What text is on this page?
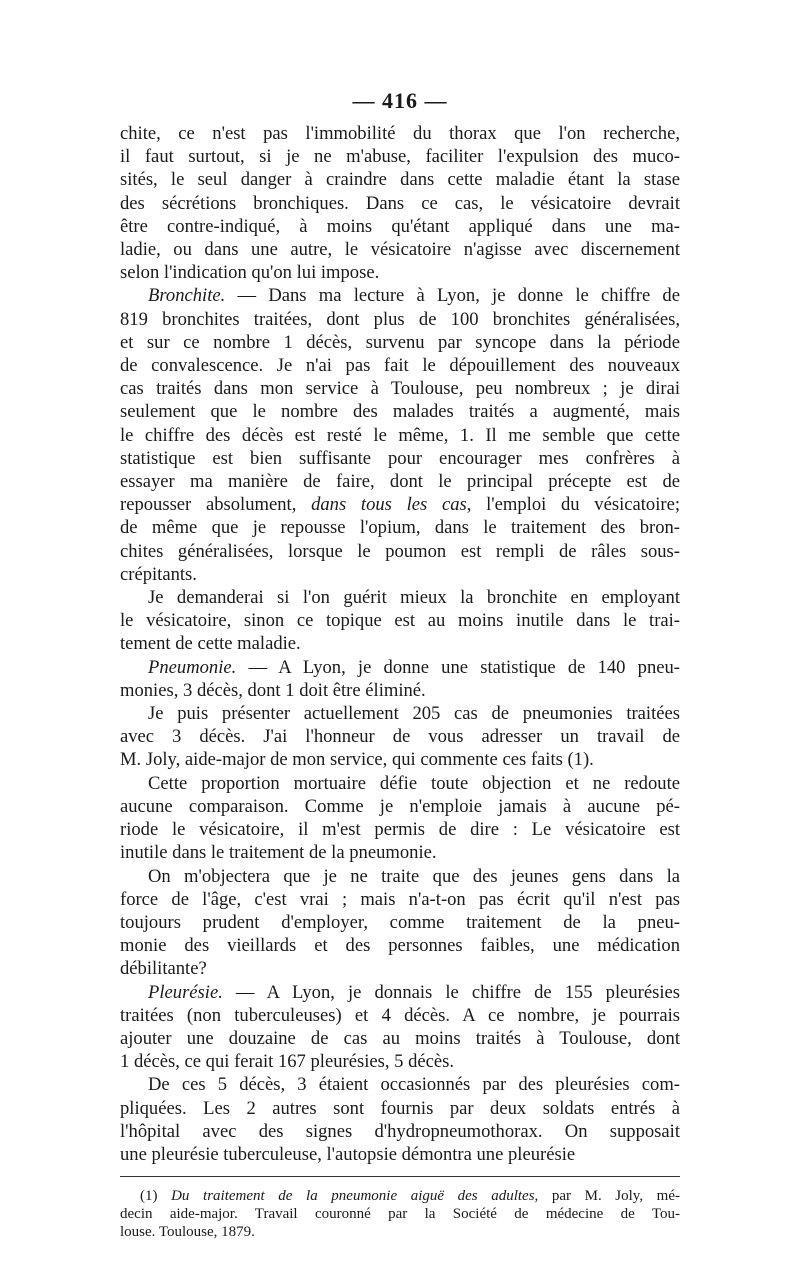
— 416 —

chite, ce n'est pas l'immobilité du thorax que l'on recherche,

il faut surtout, si je ne m'abuse, faciliter l'expulsion des muco-

sités, le seul danger à craindre dans cette maladie étant la stase

des sécrétions bronchiques. Dans ce cas, le vésicatoire devrait

être contre-indiqué, à moins qu'étant appliqué dans une ma-

ladie, ou dans une autre, le vésicatoire n'agisse avec discernement

selon l'indication qu'on lui impose.

Bronchite. — Dans ma lecture à Lyon, je donne le chiffre de

819 bronchites traitées, dont plus de 100 bronchites généralisées,

et sur ce nombre 1 décès, survenu par syncope dans la période

de convalescence. Je n'ai pas fait le dépouillement des nouveaux

cas traités dans mon service à Toulouse, peu nombreux ; je dirai

seulement que le nombre des malades traités a augmenté, mais

le chiffre des décès est resté le même, 1. Il me semble que cette

statistique est bien suffisante pour encourager mes confrères à

essayer ma manière de faire, dont le principal précepte est de

repousser absolument, dans tous les cas, l'emploi du vésicatoire;

de même que je repousse l'opium, dans le traitement des bron-

chites généralisées, lorsque le poumon est rempli de râles sous-

crépitants.

Je demanderai si l'on guérit mieux la bronchite en employant

le vésicatoire, sinon ce topique est au moins inutile dans le trai-

tement de cette maladie.

Pneumonie. — A Lyon, je donne une statistique de 140 pneu-

monies, 3 décès, dont 1 doit être éliminé.

Je puis présenter actuellement 205 cas de pneumonies traitées

avec 3 décès. J'ai l'honneur de vous adresser un travail de

M. Joly, aide-major de mon service, qui commente ces faits (1).

Cette proportion mortuaire défie toute objection et ne redoute

aucune comparaison. Comme je n'emploie jamais à aucune pé-

riode le vésicatoire, il m'est permis de dire : Le vésicatoire est

inutile dans le traitement de la pneumonie.

On m'objectera que je ne traite que des jeunes gens dans la

force de l'âge, c'est vrai ; mais n'a-t-on pas écrit qu'il n'est pas

toujours prudent d'employer, comme traitement de la pneu-

monie des vieillards et des personnes faibles, une médication

débilitante?

Pleurésie. — A Lyon, je donnais le chiffre de 155 pleurésies

traitées (non tuberculeuses) et 4 décès. A ce nombre, je pourrais

ajouter une douzaine de cas au moins traités à Toulouse, dont

1 décès, ce qui ferait 167 pleurésies, 5 décès.

De ces 5 décès, 3 étaient occasionnés par des pleurésies com-

pliquées. Les 2 autres sont fournis par deux soldats entrés à

l'hôpital avec des signes d'hydropneumothorax. On supposait

une pleurésie tuberculeuse, l'autopsie démontra une pleurésie

(1) Du traitement de la pneumonie aiguë des adultes, par M. Joly, mé-
decin aide-major. Travail couronné par la Société de médecine de Tou-
louse. Toulouse, 1879.
